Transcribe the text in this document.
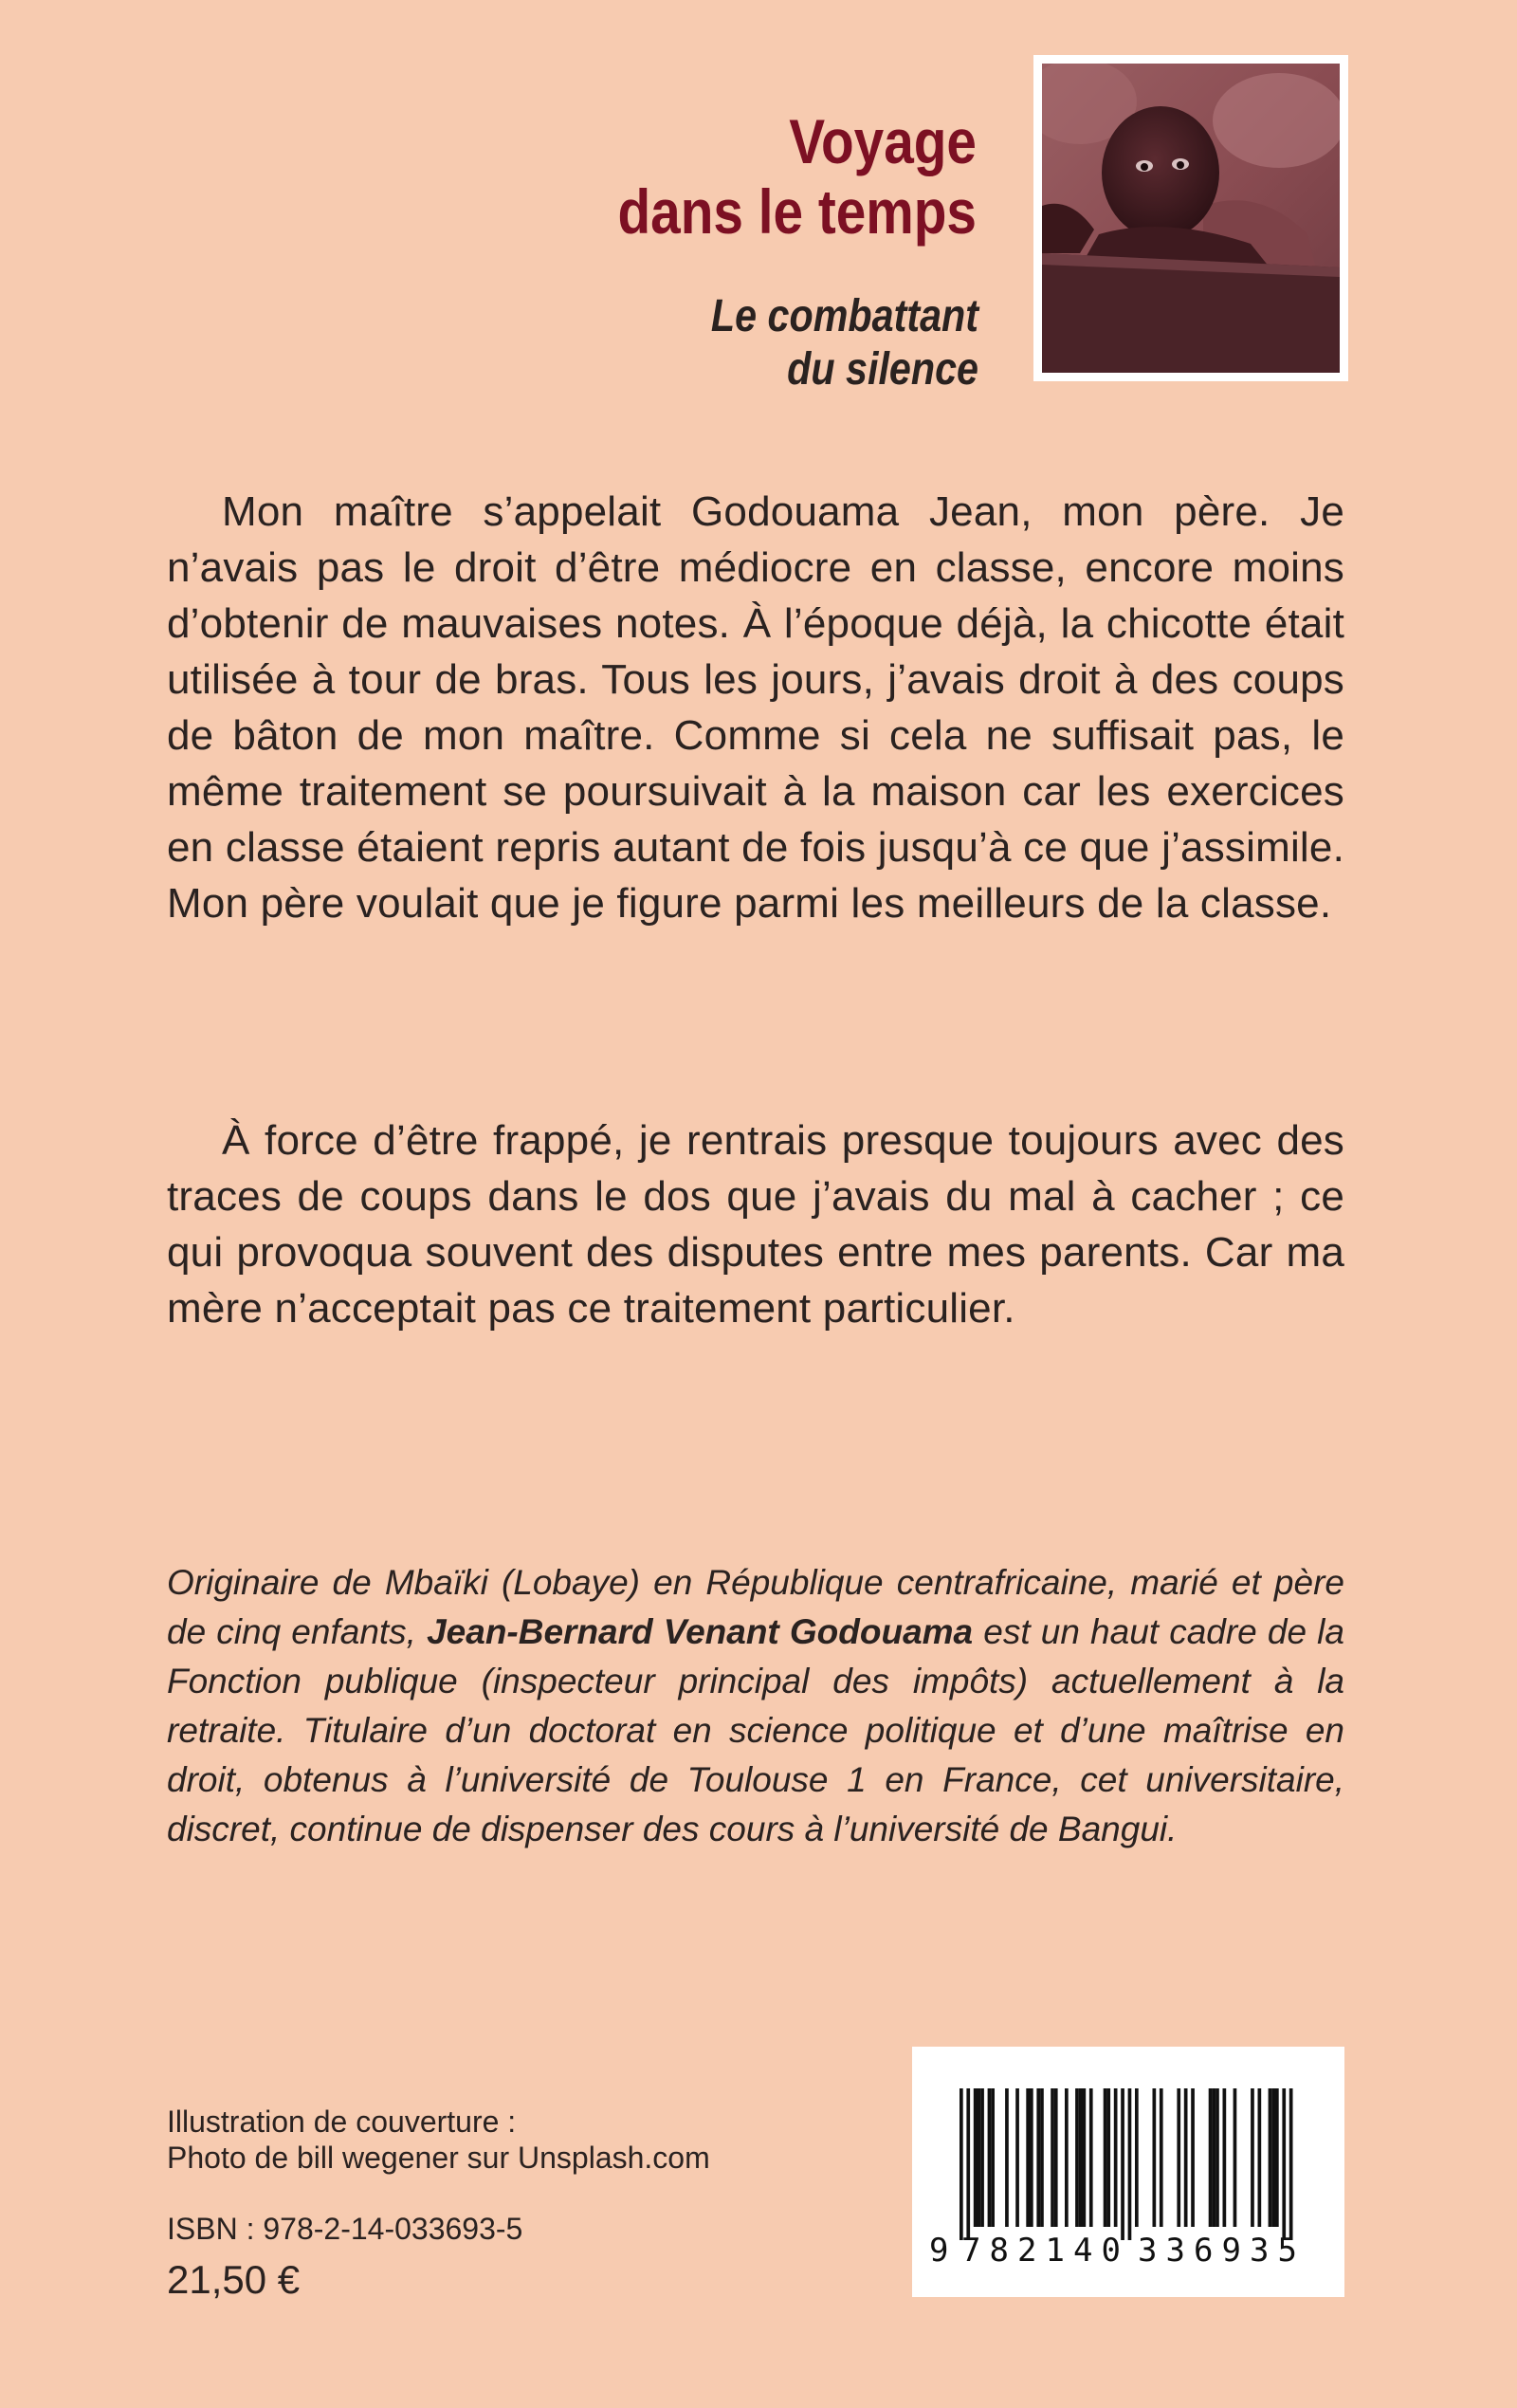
Voyage
dans le temps
Le combattant
du silence

Mon maître s’appelait Godouama Jean, mon père. Je n’avais pas le droit d’être médiocre en classe, encore moins d’obtenir de mauvaises notes. À l’époque déjà, la chicotte était utilisée à tour de bras. Tous les jours, j’avais droit à des coups de bâton de mon maître. Comme si cela ne suffisait pas, le même traitement se poursuivait à la maison car les exercices en classe étaient repris autant de fois jusqu’à ce que j’assimile. Mon père voulait que je figure parmi les meilleurs de la classe.

À force d’être frappé, je rentrais presque toujours avec des traces de coups dans le dos que j’avais du mal à cacher ; ce qui provoqua souvent des disputes entre mes parents. Car ma mère n’acceptait pas ce traitement particulier.

Originaire de Mbaïki (Lobaye) en République centrafricaine, marié et père de cinq enfants, Jean-Bernard Venant Godouama est un haut cadre de la Fonction publique (inspecteur principal des impôts) actuellement à la retraite. Titulaire d’un doctorat en science politique et d’une maîtrise en droit, obtenus à l’université de Toulouse 1 en France, cet universitaire, discret, continue de dispenser des cours à l’université de Bangui.

Illustration de couverture :
Photo de bill wegener sur Unsplash.com

ISBN : 978-2-14-033693-5

21,50 €

9 782140 336935
